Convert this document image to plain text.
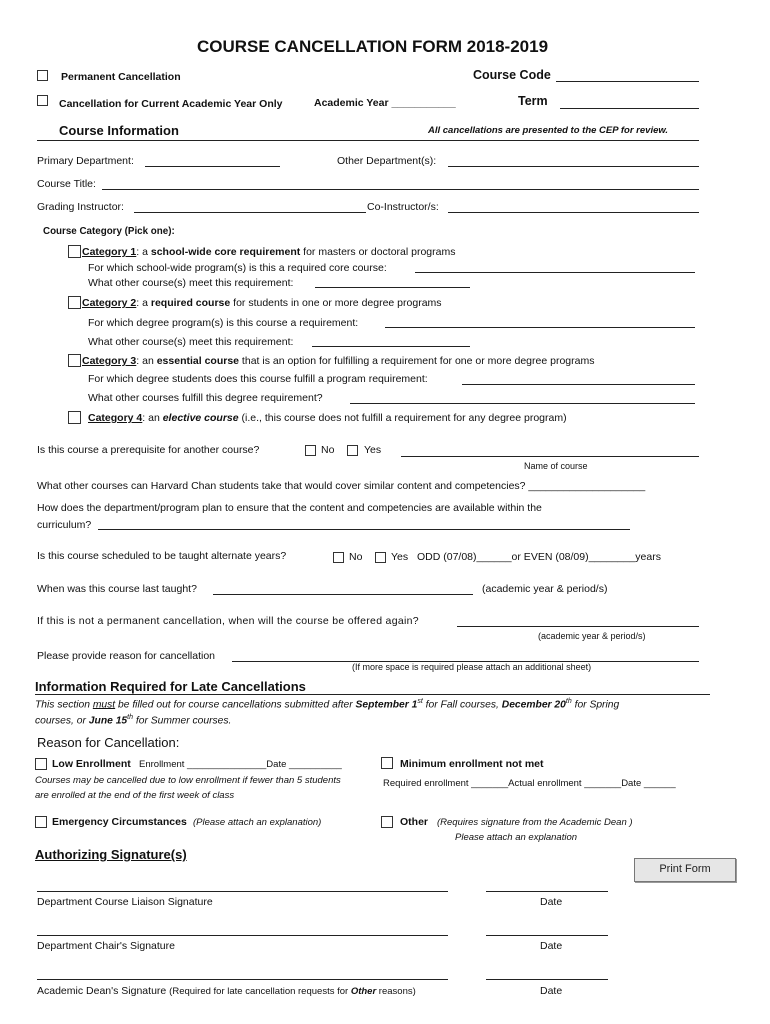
COURSE CANCELLATION FORM 2018-2019
Permanent Cancellation	Course Code
Cancellation for Current Academic Year Only	Academic Year ___________	Term
Course Information	All cancellations are presented to the CEP for review.
Primary Department:	Other Department(s):
Course Title:
Grading Instructor:	Co-Instructor/s:
Course Category (Pick one):
Category 1: a school-wide core requirement for masters or doctoral programs
For which school-wide program(s) is this a required core course:
What other course(s) meet this requirement:
Category 2: a required course for students in one or more degree programs
For which degree program(s) is this course a requirement:
What other course(s) meet this requirement:
Category 3: an essential course that is an option for fulfilling a requirement for one or more degree programs
For which degree students does this course fulfill a program requirement:
What other courses fulfill this degree requirement?
Category 4: an elective course (i.e., this course does not fulfill a requirement for any degree program)
Is this course a prerequisite for another course?	No	Yes
Name of course
What other courses can Harvard Chan students take that would cover similar content and competencies? ____________________
How does the department/program plan to ensure that the content and competencies are available within the
curriculum?
Is this course scheduled to be taught alternate years?	No	Yes ODD (07/08)______or EVEN (08/09)________years
When was this course last taught?	(academic year & period/s)
If this is not a permanent cancellation, when will the course be offered again?
(academic year & period/s)
Please provide reason for cancellation
(If more space is required please attach an additional sheet)
Information Required for Late Cancellations
This section must be filled out for course cancellations submitted after September 1st for Fall courses, December 20th for Spring
courses, or June 15th for Summer courses.
Reason for Cancellation:
Low Enrollment Enrollment _______________Date __________
Courses may be cancelled due to low enrollment if fewer than 5 students
are enrolled at the end of the first week of class
Minimum enrollment not met
Required enrollment _______Actual enrollment _______Date ______
Emergency Circumstances (Please attach an explanation)	Other (Requires signature from the Academic Dean )
Please attach an explanation
Authorizing Signature(s)
Print Form
Department Course Liaison Signature	Date
Department Chair's Signature	Date
Academic Dean's Signature (Required for late cancellation requests for Other reasons)	Date
